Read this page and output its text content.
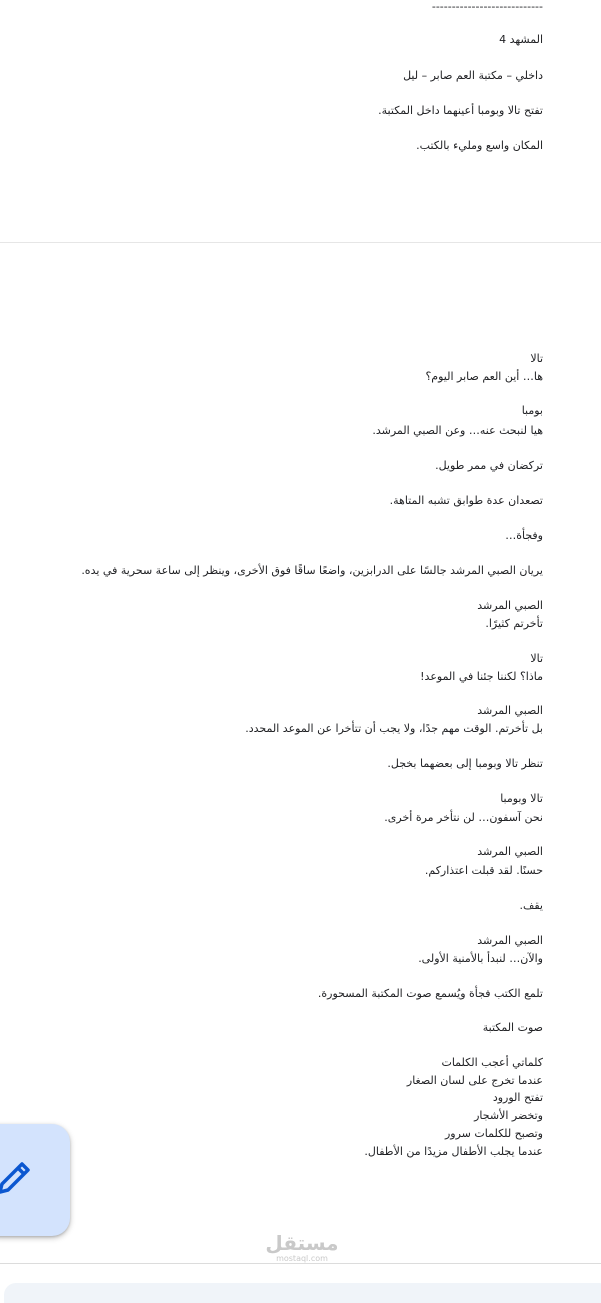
----------------------------
المشهد 4
داخلي – مكتبة العم صابر – ليل
تفتح تالا وبومبا أعينهما داخل المكتبة.
المكان واسع ومليء بالكتب.
تالا
ها… أين العم صابر اليوم؟
بومبا
هيا لنبحث عنه… وعن الصبي المرشد.
تركضان في ممر طويل.
تصعدان عدة طوابق تشبه المتاهة.
وفجأة…
يريان الصبي المرشد جالسًا على الدرابزين، واضعًا ساقًا فوق الأخرى، وينظر إلى ساعة سحرية في يده.
الصبي المرشد
تأخرتم كثيرًا.
تالا
ماذا؟ لكننا جئنا في الموعد!
الصبي المرشد
بل تأخرتم. الوقت مهم جدًا، ولا يجب أن تتأخرا عن الموعد المحدد.
تنظر تالا وبومبا إلى بعضهما بخجل.
تالا وبومبا
نحن آسفون… لن نتأخر مرة أخرى.
الصبي المرشد
حسنًا. لقد قبلت اعتذاركم.
يقف.
الصبي المرشد
والآن… لنبدأ بالأمنية الأولى.
تلمع الكتب فجأة ويُسمع صوت المكتبة المسحورة.
صوت المكتبة
كلماتي أعجب الكلمات
عندما تخرج على لسان الصغار
تفتح الورود
وتخضر الأشجار
وتصبح للكلمات سرور
عندما يجلب الأطفال مزيدًا من الأطفال.
مستقل
mostaql.com
